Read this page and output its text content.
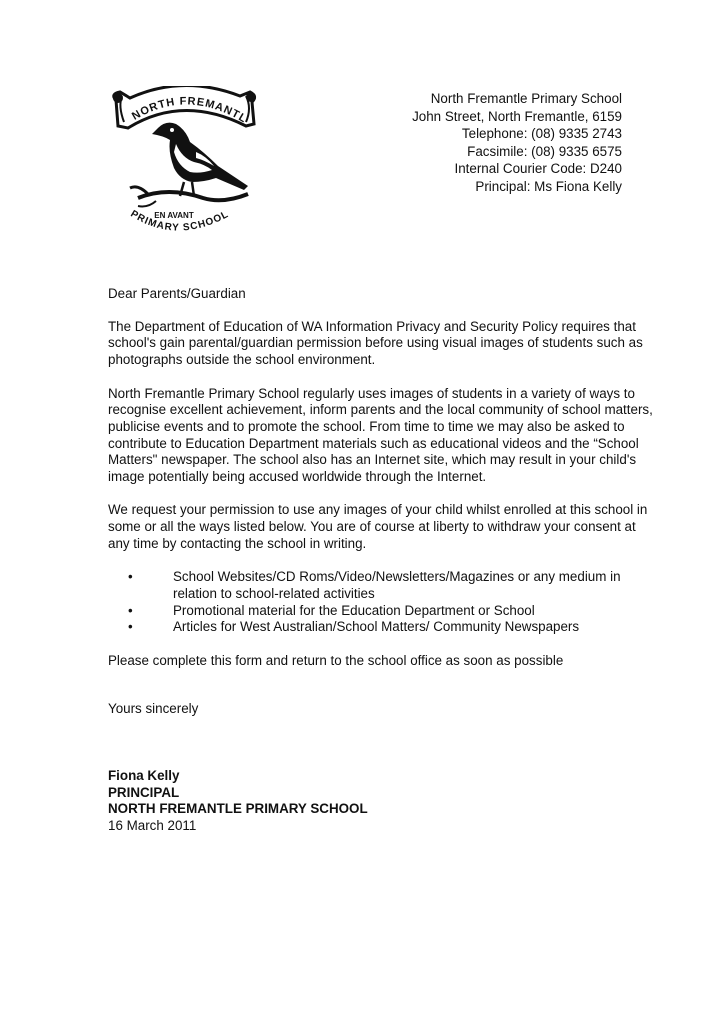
NORTH FREMANTL
EN AVANT
PRIMARY SCHOOL
North Fremantle Primary School
John Street, North Fremantle, 6159
Telephone: (08) 9335 2743
Facsimile: (08) 9335 6575
Internal Courier Code: D240
Principal: Ms Fiona Kelly

Dear Parents/Guardian

The Department of Education of WA Information Privacy and Security Policy requires that school's gain parental/guardian permission before using visual images of students such as photographs outside the school environment.

North Fremantle Primary School regularly uses images of students in a variety of ways to recognise excellent achievement, inform parents and the local community of school matters, publicise events and to promote the school. From time to time we may also be asked to contribute to Education Department materials such as educational videos and the “School Matters" newspaper. The school also has an Internet site, which may result in your child's image potentially being accused worldwide through the Internet.

We request your permission to use any images of your child whilst enrolled at this school in some or all the ways listed below. You are of course at liberty to withdraw your consent at any time by contacting the school in writing.

•	School Websites/CD Roms/Video/Newsletters/Magazines or any medium in relation to school-related activities
•	Promotional material for the Education Department or School
•	Articles for West Australian/School Matters/ Community Newspapers

Please complete this form and return to the school office as soon as possible

Yours sincerely

Fiona Kelly
PRINCIPAL
NORTH FREMANTLE PRIMARY SCHOOL
16 March 2011
